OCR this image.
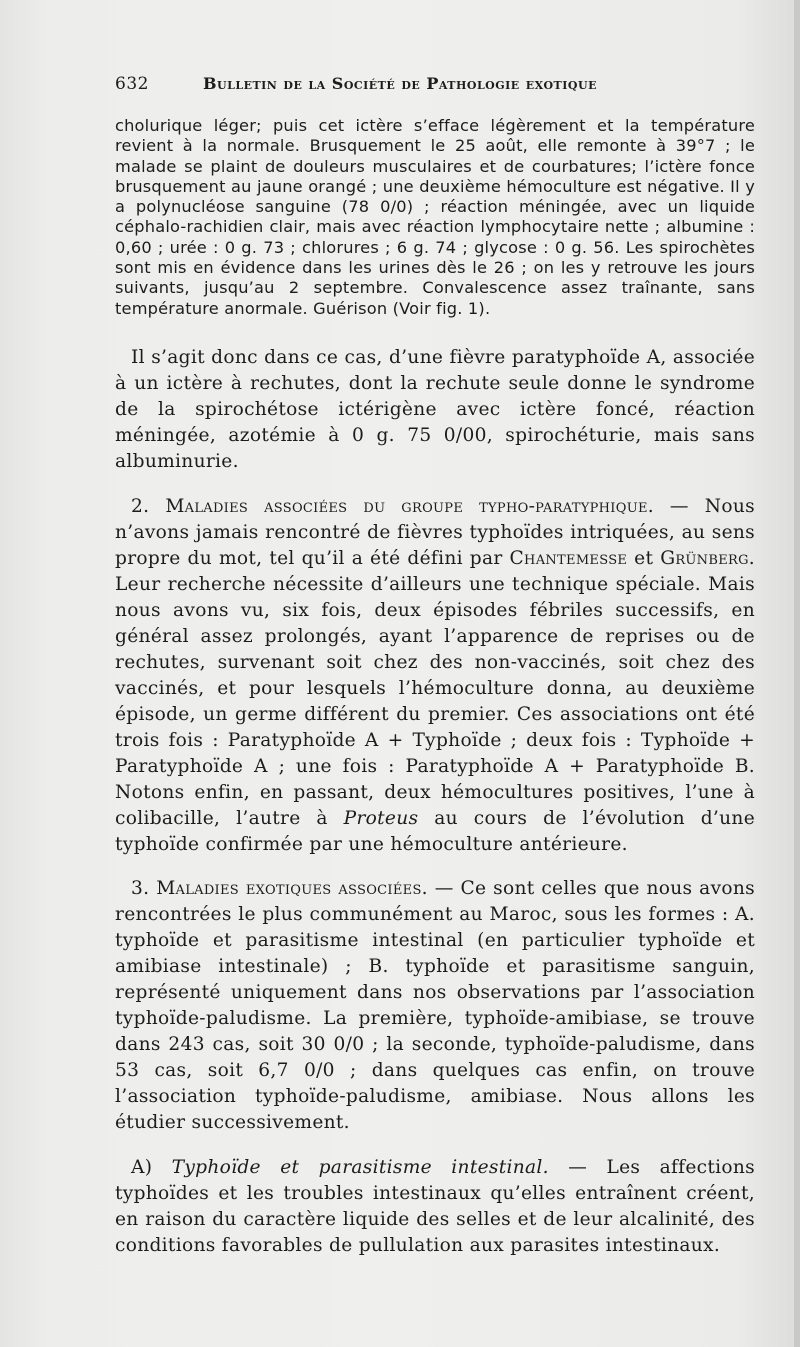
632	Bulletin de la Société de Pathologie exotique

cholurique léger; puis cet ictère s’efface légèrement et la température revient à la normale. Brusquement le 25 août, elle remonte à 39°7 ; le malade se plaint de douleurs musculaires et de courbatures; l’ictère fonce brusquement au jaune orangé ; une deuxième hémoculture est négative. Il y a polynucléose sanguine (78 0/0) ; réaction méningée, avec un liquide céphalo-rachidien clair, mais avec réaction lymphocytaire nette ; albumine : 0,60 ; urée : 0 g. 73 ; chlorures ; 6 g. 74 ; glycose : 0 g. 56. Les spirochètes sont mis en évidence dans les urines dès le 26 ; on les y retrouve les jours suivants, jusqu’au 2 septembre. Convalescence assez traînante, sans température anormale. Guérison (Voir fig. 1).

Il s’agit donc dans ce cas, d’une fièvre paratyphoïde A, associée à un ictère à rechutes, dont la rechute seule donne le syndrome de la spirochétose ictérigène avec ictère foncé, réaction méningée, azotémie à 0 g. 75 0/00, spirochéturie, mais sans albuminurie.

2. Maladies associées du groupe typho-paratyphique. — Nous n’avons jamais rencontré de fièvres typhoïdes intriquées, au sens propre du mot, tel qu’il a été défini par Chantemesse et Grünberg. Leur recherche nécessite d’ailleurs une technique spéciale. Mais nous avons vu, six fois, deux épisodes fébriles successifs, en général assez prolongés, ayant l’apparence de reprises ou de rechutes, survenant soit chez des non-vaccinés, soit chez des vaccinés, et pour lesquels l’hémoculture donna, au deuxième épisode, un germe différent du premier. Ces associations ont été trois fois : Paratyphoïde A + Typhoïde ; deux fois : Typhoïde + Paratyphoïde A ; une fois : Paratyphoïde A + Paratyphoïde B. Notons enfin, en passant, deux hémocultures positives, l’une à colibacille, l’autre à Proteus au cours de l’évolution d’une typhoïde confirmée par une hémoculture antérieure.

3. Maladies exotiques associées. — Ce sont celles que nous avons rencontrées le plus communément au Maroc, sous les formes : A. typhoïde et parasitisme intestinal (en particulier typhoïde et amibiase intestinale) ; B. typhoïde et parasitisme sanguin, représenté uniquement dans nos observations par l’association typhoïde-paludisme. La première, typhoïde-amibiase, se trouve dans 243 cas, soit 30 0/0 ; la seconde, typhoïde-paludisme, dans 53 cas, soit 6,7 0/0 ; dans quelques cas enfin, on trouve l’association typhoïde-paludisme, amibiase. Nous allons les étudier successivement.

A) Typhoïde et parasitisme intestinal. — Les affections typhoïdes et les troubles intestinaux qu’elles entraînent créent, en raison du caractère liquide des selles et de leur alcalinité, des conditions favorables de pullulation aux parasites intestinaux.
